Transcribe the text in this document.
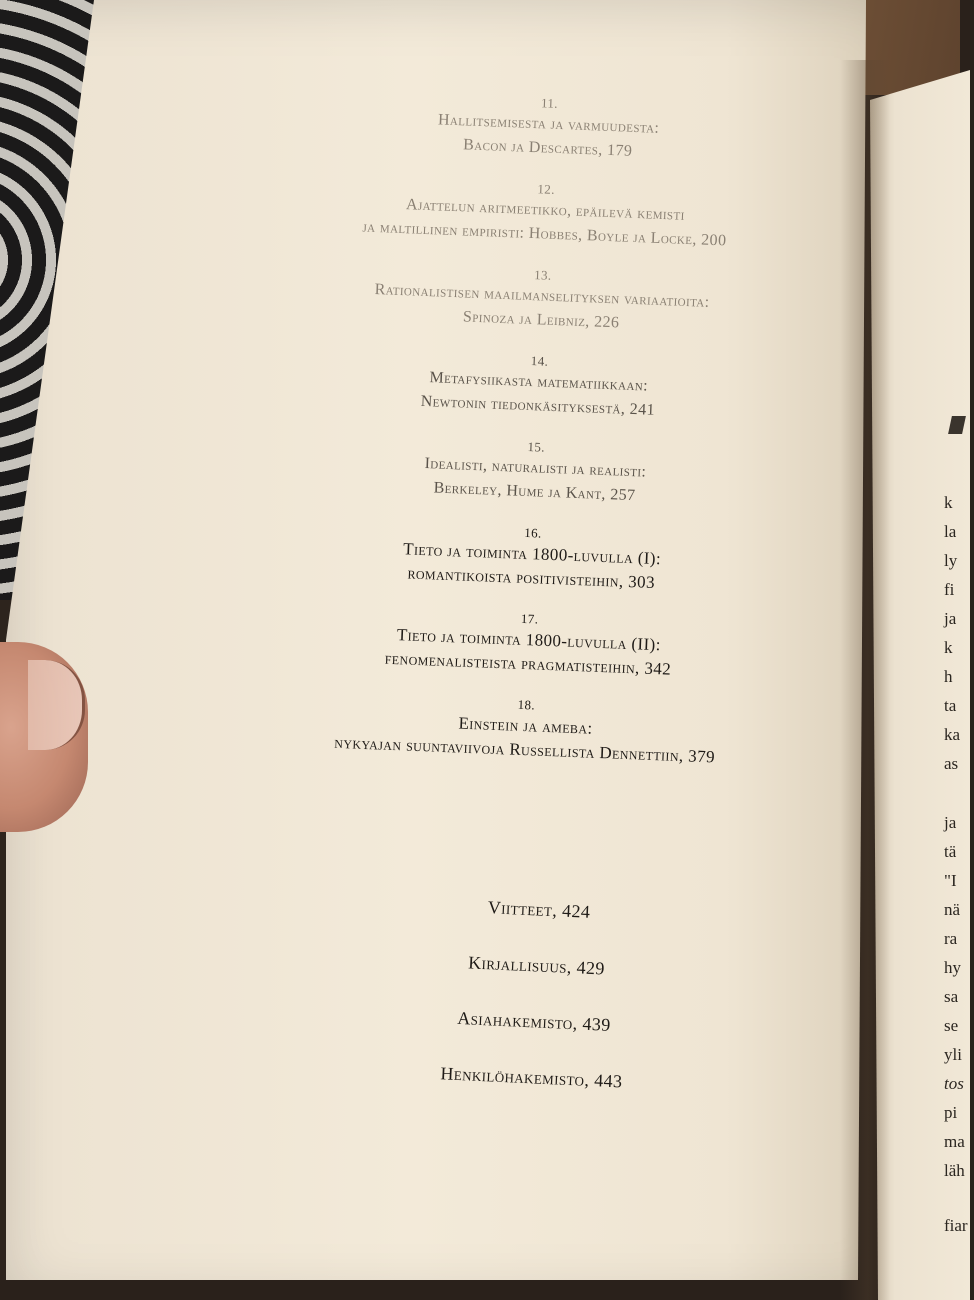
11.
Hallitsemisesta ja varmuudesta:
Bacon ja Descartes, 179
12.
Ajattelun aritmeetikko, epäilevä kemisti
ja maltillinen empiristi: Hobbes, Boyle ja Locke, 200
13.
Rationalistisen maailmanselityksen variaatioita:
Spinoza ja Leibniz, 226
14.
Metafysiikasta matematiikkaan:
Newtonin tiedonkäsityksestä, 241
15.
Idealisti, naturalisti ja realisti:
Berkeley, Hume ja Kant, 257
16.
Tieto ja toiminta 1800-luvulla (I):
romantikoista positivisteihin, 303
17.
Tieto ja toiminta 1800-luvulla (II):
fenomenalisteista pragmatisteihin, 342
18.
Einstein ja ameba:
nykyajan suuntaviivoja Russellista Dennettiin, 379
Viitteet, 424
Kirjallisuus, 429
Asiahakemisto, 439
Henkilöhakemisto, 443
k
la
ly
fi
ja
k
h
ta
ka
as
ja
tä
"I
nä
ra
hy
sa
se
yli
tos
pi
ma
läh
fiar
